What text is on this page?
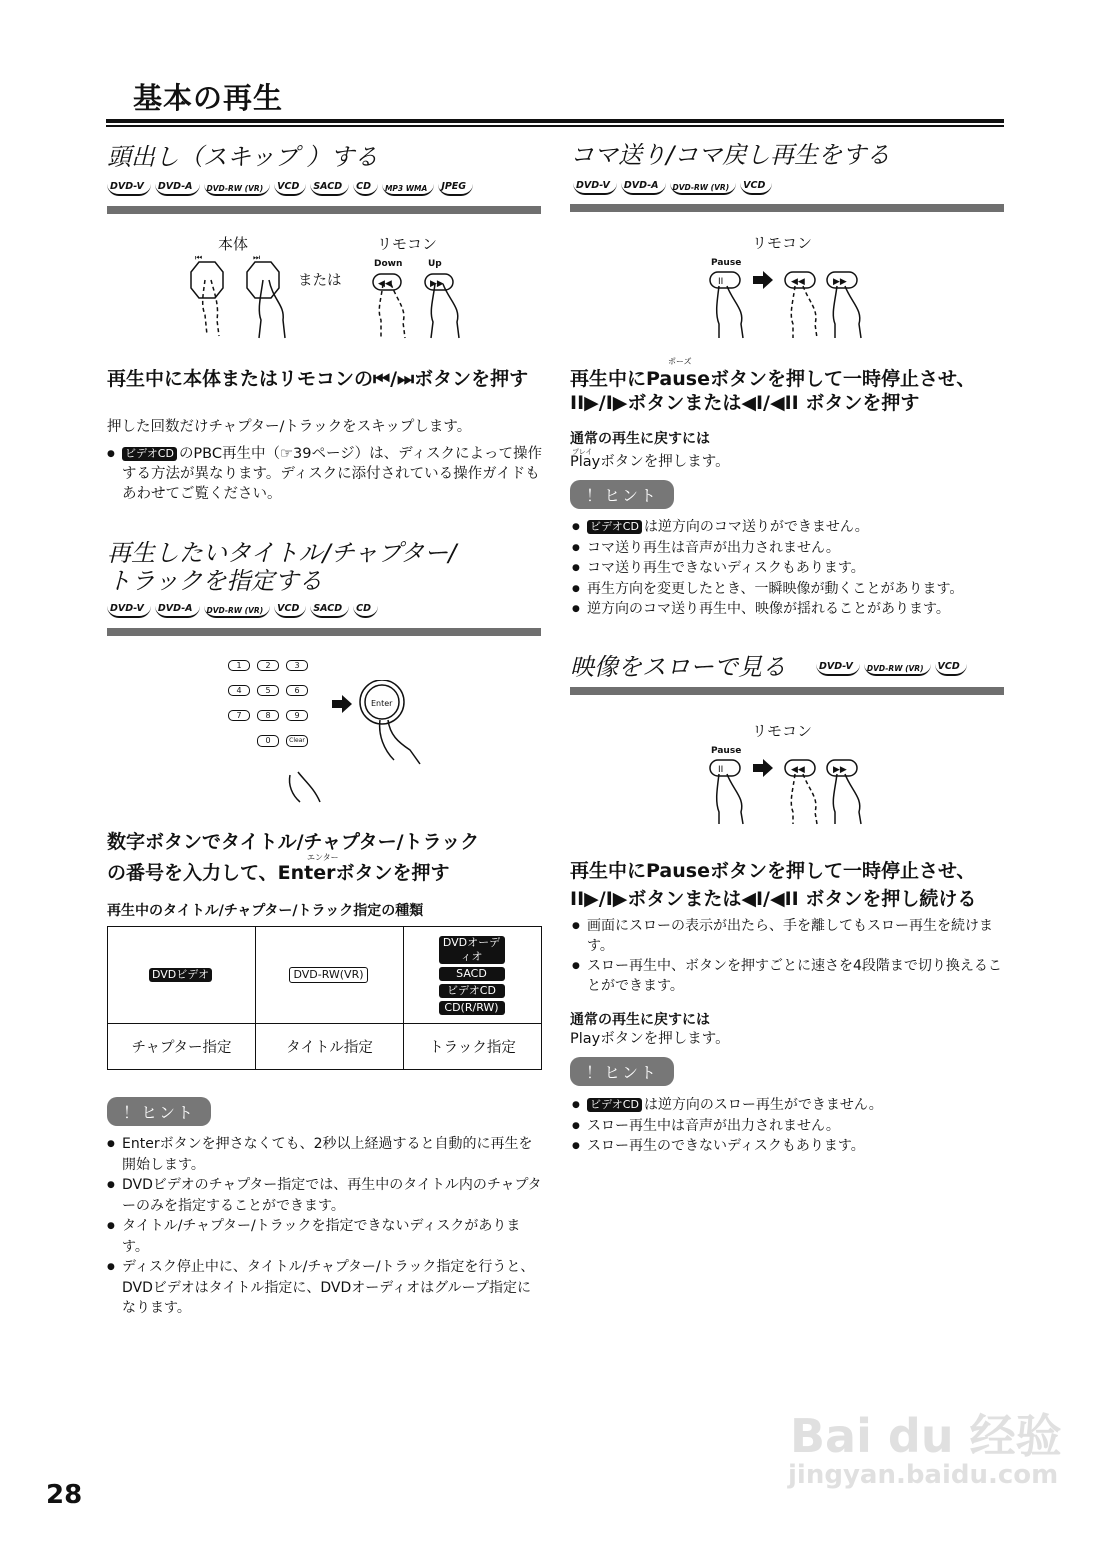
基本の再生
頭出し（スキップ ）する
DVD-V	DVD-A	DVD-RW (VR)	VCD	SACD	CD	MP3 WMA	JPEG
本体	リモコン
または
Down	Up
⏮	⏭
◀◀	▶▶
再生中に本体またはリモコンの⏮/⏭ボタンを押す
押した回数だけチャプター/トラックをスキップします。
● ビデオCD のPBC再生中（☞39ページ）は、ディスクによって操作する方法が異なります。ディスクに添付されている操作ガイドもあわせてご覧ください。
再生したいタイトル/チャプター/
トラックを指定する
DVD-V	DVD-A	DVD-RW (VR)	VCD	SACD	CD
1	2	3
4	5	6
7	8	9
0	Clear
Enter
数字ボタンでタイトル/チャプター/トラック
エンター
の番号を入力して、Enterボタンを押す
再生中のタイトル/チャプター/トラック指定の種類
DVDビデオ	DVD-RW(VR)	DVDオーディオ
SACD
ビデオCD
CD(R/RW)

チャプター指定	タイトル指定	トラック指定
！ヒント
● Enterボタンを押さなくても、2秒以上経過すると自動的に再生を開始します。
● DVDビデオのチャプター指定では、再生中のタイトル内のチャプターのみを指定することができます。
● タイトル/チャプター/トラックを指定できないディスクがあります。
● ディスク停止中に、タイトル/チャプター/トラック指定を行うと、DVDビデオはタイトル指定に、DVDオーディオはグループ指定になります。
コマ送り/コマ戻し再生をする
DVD-V	DVD-A	DVD-RW (VR)	VCD
リモコン
Pause
II	◀◀	▶▶
ポーズ
再生中にPauseボタンを押して一時停止させ、
II▶/I▶ボタンまたは◀I/◀II ボタンを押す
通常の再生に戻すには
プレイ
Playボタンを押します。
！ヒント
● ビデオCD は逆方向のコマ送りができません。
● コマ送り再生は音声が出力されません。
● コマ送り再生できないディスクもあります。
● 再生方向を変更したとき、一瞬映像が動くことがあります。
● 逆方向のコマ送り再生中、映像が揺れることがあります。
映像をスローで見る	DVD-V	DVD-RW (VR)	VCD
リモコン
Pause
II	◀◀	▶▶
再生中にPauseボタンを押して一時停止させ、
II▶/I▶ボタンまたは◀I/◀II ボタンを押し続ける
● 画面にスローの表示が出たら、手を離してもスロー再生を続けます。
● スロー再生中、ボタンを押すごとに速さを4段階まで切り換えることができます。
通常の再生に戻すには
Playボタンを押します。
！ヒント
● ビデオCD は逆方向のスロー再生ができません。
● スロー再生中は音声が出力されません。
● スロー再生のできないディスクもあります。
Bai du 经验
jingyan.baidu.com
28
